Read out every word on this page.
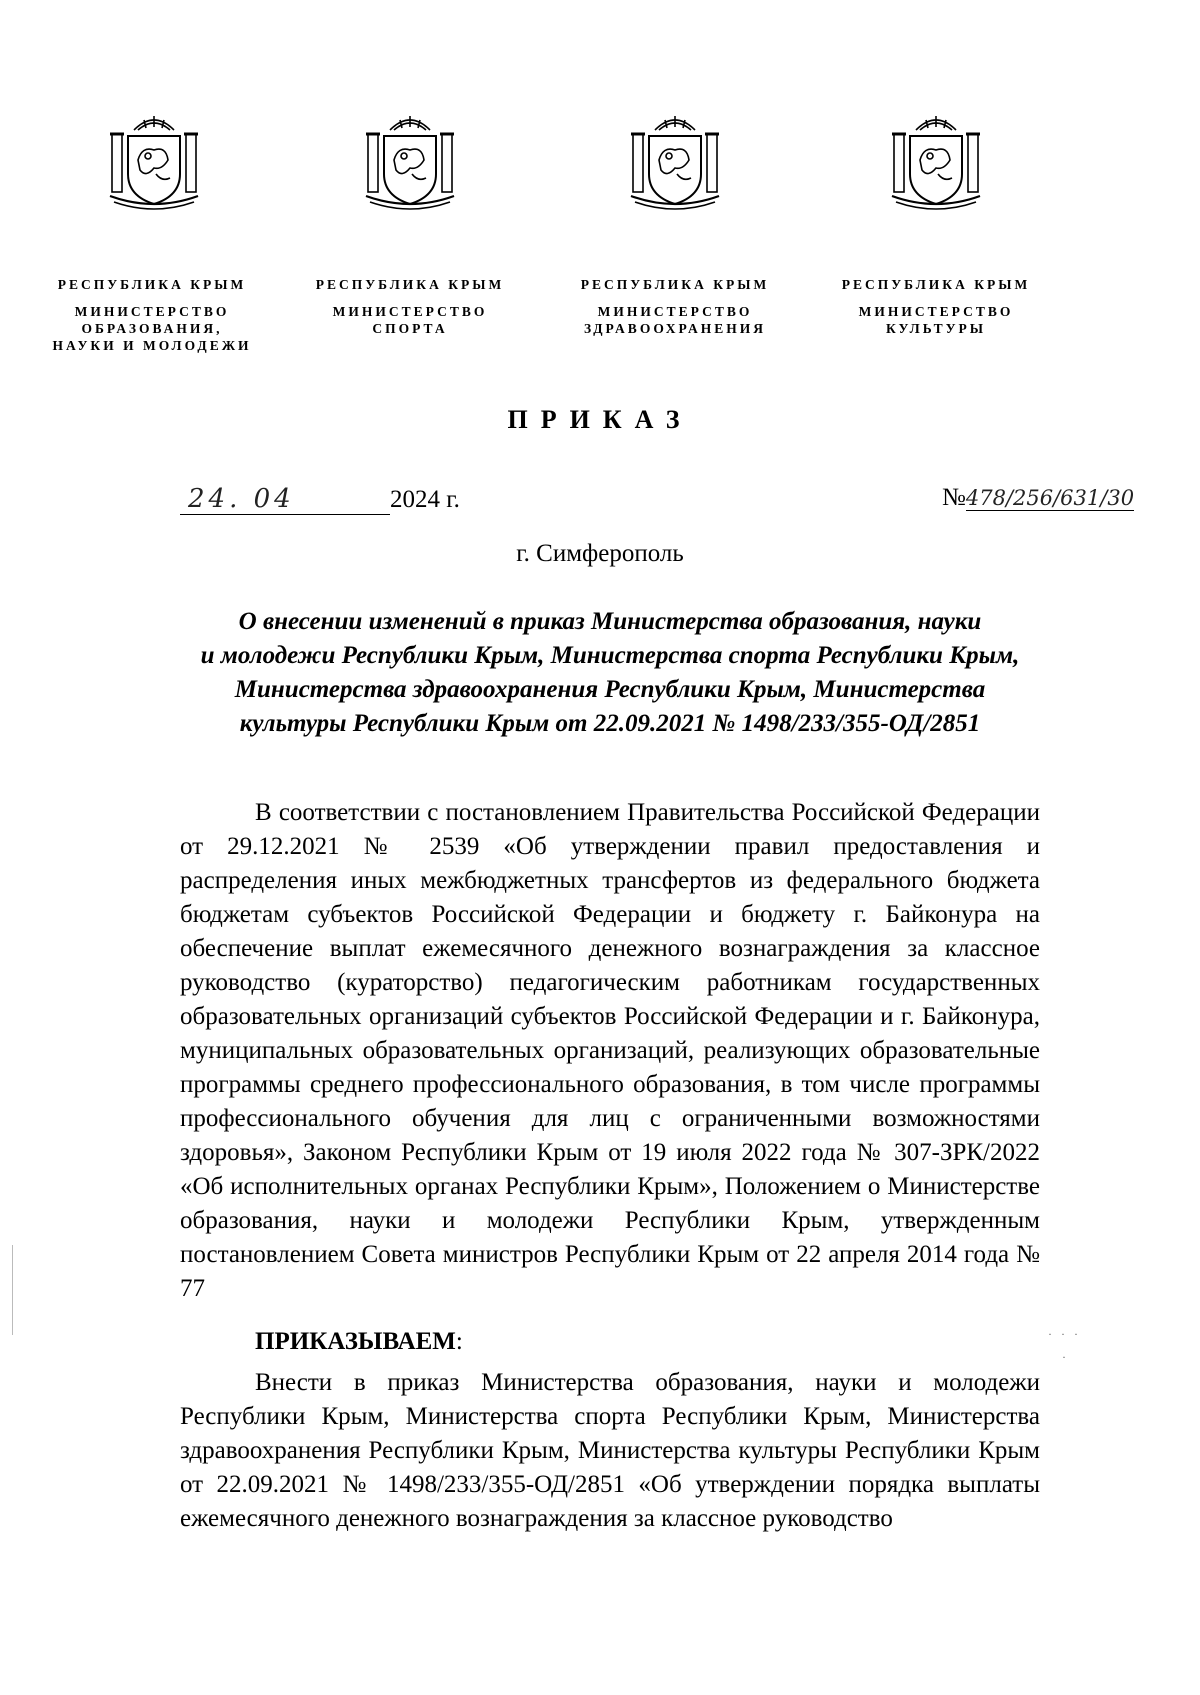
РЕСПУБЛИКА КРЫМ
МИНИСТЕРСТВО
ОБРАЗОВАНИЯ,
НАУКИ И МОЛОДЕЖИ
РЕСПУБЛИКА КРЫМ
МИНИСТЕРСТВО
СПОРТА
РЕСПУБЛИКА КРЫМ
МИНИСТЕРСТВО
ЗДРАВООХРАНЕНИЯ
РЕСПУБЛИКА КРЫМ
МИНИСТЕРСТВО
КУЛЬТУРЫ
ПРИКАЗ
24. 04	2024 г.	№478/256/631/30
г. Симферополь
О внесении изменений в приказ Министерства образования, науки
и молодежи Республики Крым, Министерства спорта Республики Крым,
Министерства здравоохранения Республики Крым, Министерства
культуры Республики Крым от 22.09.2021 № 1498/233/355-ОД/2851

В соответствии с постановлением Правительства Российской Федерации от 29.12.2021 № 2539 «Об утверждении правил предоставления и распределения иных межбюджетных трансфертов из федерального бюджета бюджетам субъектов Российской Федерации и бюджету г. Байконура на обеспечение выплат ежемесячного денежного вознаграждения за классное руководство (кураторство) педагогическим работникам государственных образовательных организаций субъектов Российской Федерации и г. Байконура, муниципальных образовательных организаций, реализующих образовательные программы среднего профессионального образования, в том числе программы профессионального обучения для лиц с ограниченными возможностями здоровья», Законом Республики Крым от 19 июля 2022 года № 307-ЗРК/2022 «Об исполнительных органах Республики Крым», Положением о Министерстве образования, науки и молодежи Республики Крым, утвержденным постановлением Совета министров Республики Крым от 22 апреля 2014 года № 77

ПРИКАЗЫВАЕМ:	· · ·
·

Внести в приказ Министерства образования, науки и молодежи Республики Крым, Министерства спорта Республики Крым, Министерства здравоохранения Республики Крым, Министерства культуры Республики Крым от 22.09.2021 № 1498/233/355-ОД/2851 «Об утверждении порядка выплаты ежемесячного денежного вознаграждения за классное руководство
